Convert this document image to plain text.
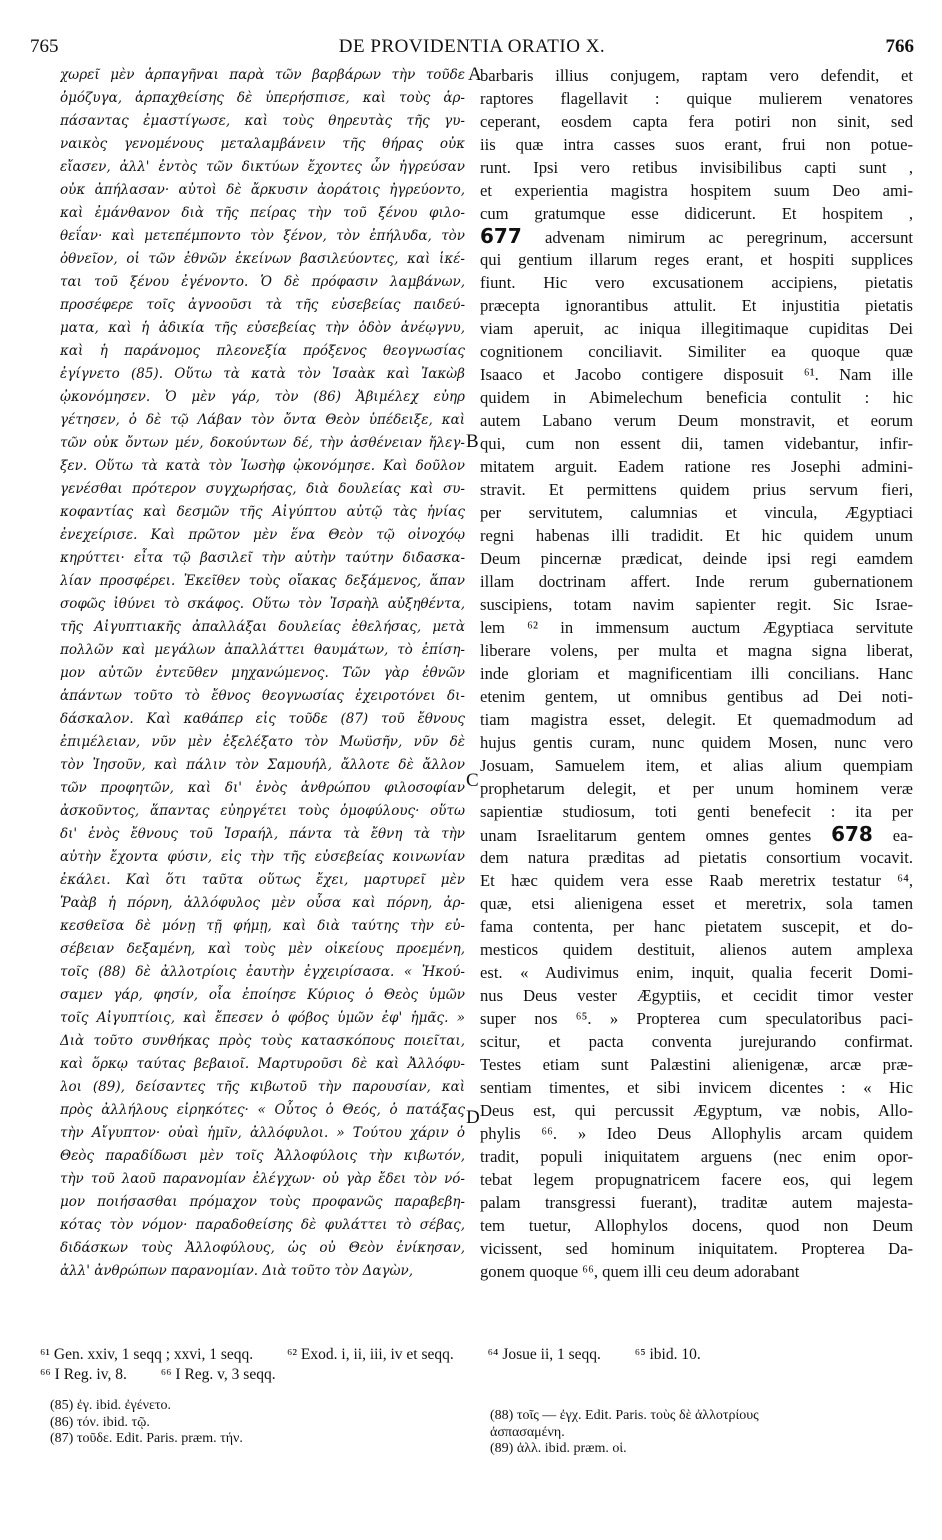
765	DE PROVIDENTIA ORATIO X.	766
χωρεῖ μὲν ἁρπαγῆναι παρὰ τῶν βαρβάρων τὴν τοῦδε
ὁμόζυγα, ἁρπαχθείσης δὲ ὑπερήσπισε, καὶ τοὺς ἁρ-
πάσαντας ἐμαστίγωσε, καὶ τοὺς θηρευτὰς τῆς γυ-
ναικὸς γενομένους μεταλαμβάνειν τῆς θήρας οὐκ
εἴασεν, ἀλλ' ἐντὸς τῶν δικτύων ἔχοντες ὧν ἠγρεύσαν
οὐκ ἀπήλασαν· αὐτοὶ δὲ ἄρκυσιν ἀοράτοις ἠγρεύοντο,
καὶ ἐμάνθανον διὰ τῆς πείρας τὴν τοῦ ξένου φιλο-
θεΐαν· καὶ μετεπέμποντο τὸν ξένον, τὸν ἐπήλυδα, τὸν
ὀθνεῖον, οἱ τῶν ἐθνῶν ἐκείνων βασιλεύοντες, καὶ ἱκέ-
ται τοῦ ξένου ἐγένοντο. Ὁ δὲ πρόφασιν λαμβάνων,
προσέφερε τοῖς ἀγνοοῦσι τὰ τῆς εὐσεβείας παιδεύ-
ματα, καὶ ἡ ἀδικία τῆς εὐσεβείας τὴν ὁδὸν ἀνέῳγνυ,
καὶ ἡ παράνομος πλεονεξία πρόξενος θεογνωσίας
ἐγίγνετο (85). Οὕτω τὰ κατὰ τὸν Ἰσαὰκ καὶ Ἰακὼβ
ᾠκονόμησεν. Ὁ μὲν γάρ, τὸν (86) Ἀβιμέλεχ εὐηρ
γέτησεν, ὁ δὲ τῷ Λάβαν τὸν ὄντα Θεὸν ὑπέδειξε, καὶ
τῶν οὐκ ὄντων μέν, δοκούντων δέ, τὴν ἀσθένειαν ἤλεγ-
ξεν. Οὕτω τὰ κατὰ τὸν Ἰωσὴφ ᾠκονόμησε. Καὶ δοῦλον
γενέσθαι πρότερον συγχωρήσας, διὰ δουλείας καὶ συ-
κοφαντίας καὶ δεσμῶν τῆς Αἰγύπτου αὐτῷ τὰς ἡνίας
ἐνεχείρισε. Καὶ πρῶτον μὲν ἕνα Θεὸν τῷ οἰνοχόῳ
κηρύττει· εἶτα τῷ βασιλεῖ τὴν αὐτὴν ταύτην διδασκα-
λίαν προσφέρει. Ἐκεῖθεν τοὺς οἴακας δεξάμενος, ἅπαν
σοφῶς ἰθύνει τὸ σκάφος. Οὕτω τὸν Ἰσραὴλ αὐξηθέντα,
τῆς Αἰγυπτιακῆς ἀπαλλάξαι δουλείας ἐθελήσας, μετὰ
πολλῶν καὶ μεγάλων ἀπαλλάττει θαυμάτων, τὸ ἐπίση-
μον αὐτῶν ἐντεῦθεν μηχανώμενος. Τῶν γὰρ ἐθνῶν
ἁπάντων τοῦτο τὸ ἔθνος θεογνωσίας ἐχειροτόνει δι-
δάσκαλον. Καὶ καθάπερ εἰς τοῦδε (87) τοῦ ἔθνους
ἐπιμέλειαν, νῦν μὲν ἐξελέξατο τὸν Μωϋσῆν, νῦν δὲ
τὸν Ἰησοῦν, καὶ πάλιν τὸν Σαμουήλ, ἄλλοτε δὲ ἄλλον
τῶν προφητῶν, καὶ δι' ἑνὸς ἀνθρώπου φιλοσοφίαν
ἀσκοῦντος, ἅπαντας εὐηργέτει τοὺς ὁμοφύλους· οὕτω
δι' ἑνὸς ἔθνους τοῦ Ἰσραήλ, πάντα τὰ ἔθνη τὰ τὴν
αὐτὴν ἔχοντα φύσιν, εἰς τὴν τῆς εὐσεβείας κοινωνίαν
ἐκάλει. Καὶ ὅτι ταῦτα οὕτως ἔχει, μαρτυρεῖ μὲν
Ῥαὰβ ἡ πόρνη, ἀλλόφυλος μὲν οὖσα καὶ πόρνη, ἀρ-
κεσθεῖσα δὲ μόνῃ τῇ φήμῃ, καὶ διὰ ταύτης τὴν εὐ-
σέβειαν δεξαμένη, καὶ τοὺς μὲν οἰκείους προεμένη,
τοῖς (88) δὲ ἀλλοτρίοις ἑαυτὴν ἐγχειρίσασα. « Ἠκού-
σαμεν γάρ, φησίν, οἷα ἐποίησε Κύριος ὁ Θεὸς ὑμῶν
τοῖς Αἰγυπτίοις, καὶ ἔπεσεν ὁ φόβος ὑμῶν ἐφ' ἡμᾶς. »
Διὰ τοῦτο συνθήκας πρὸς τοὺς κατασκόπους ποιεῖται,
καὶ ὅρκῳ ταύτας βεβαιοῖ. Μαρτυροῦσι δὲ καὶ Ἀλλόφυ-
λοι (89), δείσαντες τῆς κιβωτοῦ τὴν παρουσίαν, καὶ
πρὸς ἀλλήλους εἰρηκότες· « Οὗτος ὁ Θεός, ὁ πατάξας
τὴν Αἴγυπτον· οὐαὶ ἡμῖν, ἀλλόφυλοι. » Τούτου χάριν ὁ
Θεὸς παραδίδωσι μὲν τοῖς Ἀλλοφύλοις τὴν κιβωτόν,
τὴν τοῦ λαοῦ παρανομίαν ἐλέγχων· οὐ γὰρ ἔδει τὸν νό-
μον ποιήσασθαι πρόμαχον τοὺς προφανῶς παραβεβη-
κότας τὸν νόμον· παραδοθείσης δὲ φυλάττει τὸ σέβας,
διδάσκων τοὺς Ἀλλοφύλους, ὡς οὐ Θεὸν ἐνίκησαν,
ἀλλ' ἀνθρώπων παρανομίαν. Διὰ τοῦτο τὸν Δαγὼν,
barbaris illius conjugem, raptam vero defendit, et
raptores flagellavit : quique mulierem venatores
ceperant, eosdem capta fera potiri non sinit, sed
iis quæ intra casses suos erant, frui non potue-
runt. Ipsi vero retibus invisibilibus capti sunt ,
et experientia magistra hospitem suum Deo ami-
cum gratumque esse didicerunt. Et hospitem ,
677 advenam nimirum ac peregrinum, accersunt
qui gentium illarum reges erant, et hospiti supplices
fiunt. Hic vero excusationem accipiens, pietatis
præcepta ignorantibus attulit. Et injustitia pietatis
viam aperuit, ac iniqua illegitimaque cupiditas Dei
cognitionem conciliavit. Similiter ea quoque quæ
Isaaco et Jacobo contigere disposuit ⁶¹. Nam ille
quidem in Abimelechum beneficia contulit : hic
autem Labano verum Deum monstravit, et eorum
qui, cum non essent dii, tamen videbantur, infir-
mitatem arguit. Eadem ratione res Josephi admini-
stravit. Et permittens quidem prius servum fieri,
per servitutem, calumnias et vincula, Ægyptiaci
regni habenas illi tradidit. Et hic quidem unum
Deum pincernæ prædicat, deinde ipsi regi eamdem
illam doctrinam affert. Inde rerum gubernationem
suscipiens, totam navim sapienter regit. Sic Israe-
lem ⁶² in immensum auctum Ægyptiaca servitute
liberare volens, per multa et magna signa liberat,
inde gloriam et magnificentiam illi concilians. Hanc
etenim gentem, ut omnibus gentibus ad Dei noti-
tiam magistra esset, delegit. Et quemadmodum ad
hujus gentis curam, nunc quidem Mosen, nunc vero
Josuam, Samuelem item, et alias alium quempiam
prophetarum delegit, et per unum hominem veræ
sapientiæ studiosum, toti genti benefecit : ita per
unam Israelitarum gentem omnes gentes 678 ea-
dem natura præditas ad pietatis consortium vocavit.
Et hæc quidem vera esse Raab meretrix testatur ⁶⁴,
quæ, etsi alienigena esset et meretrix, sola tamen
fama contenta, per hanc pietatem suscepit, et do-
mesticos quidem destituit, alienos autem amplexa
est. « Audivimus enim, inquit, qualia fecerit Domi-
nus Deus vester Ægyptiis, et cecidit timor vester
super nos ⁶⁵. » Propterea cum speculatoribus paci-
scitur, et pacta conventa jurejurando confirmat.
Testes etiam sunt Palæstini alienigenæ, arcæ præ-
sentiam timentes, et sibi invicem dicentes : « Hic
Deus est, qui percussit Ægyptum, væ nobis, Allo-
phylis ⁶⁶. » Ideo Deus Allophylis arcam quidem
tradit, populi iniquitatem arguens (nec enim opor-
tebat legem propugnatricem facere eos, qui legem
palam transgressi fuerant), traditæ autem majesta-
tem tuetur, Allophylos docens, quod non Deum
vicissent, sed hominum iniquitatem. Propterea Da-
gonem quoque ⁶⁶, quem illi ceu deum adorabant
A
B
C
D
⁶¹ Gen. xxiv, 1 seqq ; xxvi, 1 seqq. ⁶² Exod. i, ii, iii, iv et seqq. ⁶⁴ Josue ii, 1 seqq. ⁶⁵ ibid. 10.
⁶⁶ I Reg. iv, 8. ⁶⁶ I Reg. v, 3 seqq.
(85) ἐγ. ibid. ἐγένετο.
(86) τόν. ibid. τῷ.
(87) τοῦδε. Edit. Paris. præm. τήν.
(88) τοῖς — ἐγχ. Edit. Paris. τοὺς δὲ ἀλλοτρίους
ἀσπασαμένη.
(89) ἀλλ. ibid. præm. οἱ.
